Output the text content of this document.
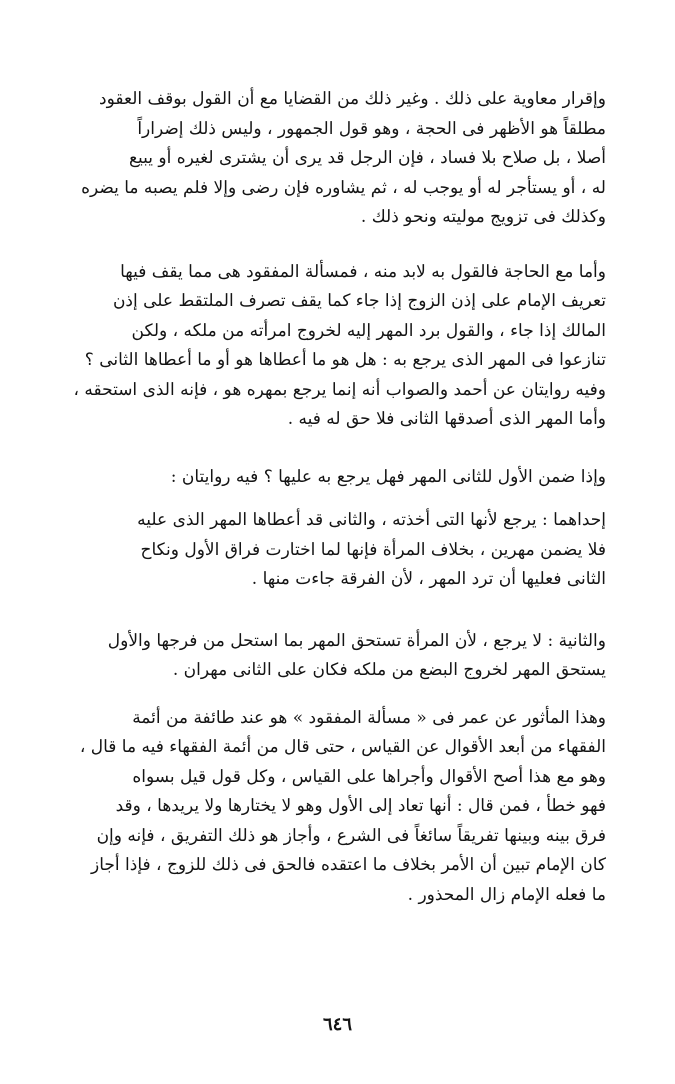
وإقرار معاوية على ذلك . وغير ذلك من القضايا مع أن القول بوقف العقود
مطلقاً هو الأظهر فى الحجة ، وهو قول الجمهور ، وليس ذلك إضراراً
أصلا ، بل صلاح بلا فساد ، فإن الرجل قد يرى أن يشترى لغيره أو يبيع
له ، أو يستأجر له أو يوجب له ، ثم يشاوره فإن رضى وإلا فلم يصبه ما يضره
وكذلك فى تزويج موليته ونحو ذلك .

وأما مع الحاجة فالقول به لابد منه ، فمسألة المفقود هى مما يقف فيها
تعريف الإمام على إذن الزوج إذا جاء كما يقف تصرف الملتقط على إذن
المالك إذا جاء ، والقول برد المهر إليه لخروج امرأته من ملكه ، ولكن
تنازعوا فى المهر الذى يرجع به : هل هو ما أعطاها هو أو ما أعطاها الثانى ؟
وفيه روايتان عن أحمد والصواب أنه إنما يرجع بمهره هو ، فإنه الذى استحقه ،
وأما المهر الذى أصدقها الثانى فلا حق له فيه .

وإذا ضمن الأول للثانى المهر فهل يرجع به عليها ؟ فيه روايتان :

إحداهما : يرجع لأنها التى أخذته ، والثانى قد أعطاها المهر الذى عليه
فلا يضمن مهرين ، بخلاف المرأة فإنها لما اختارت فراق الأول ونكاح
الثانى فعليها أن ترد المهر ، لأن الفرقة جاءت منها .

والثانية : لا يرجع ، لأن المرأة تستحق المهر بما استحل من فرجها والأول
يستحق المهر لخروج البضع من ملكه فكان على الثانى مهران .

وهذا المأثور عن عمر فى « مسألة المفقود » هو عند طائفة من أئمة
الفقهاء من أبعد الأقوال عن القياس ، حتى قال من أئمة الفقهاء فيه ما قال ،
وهو مع هذا أصح الأقوال وأجراها على القياس ، وكل قول قيل بسواه
فهو خطأ ، فمن قال : أنها تعاد إلى الأول وهو لا يختارها ولا يريدها ، وقد
فرق بينه وبينها تفريقاً سائغاً فى الشرع ، وأجاز هو ذلك التفريق ، فإنه وإن
كان الإمام تبين أن الأمر بخلاف ما اعتقده فالحق فى ذلك للزوج ، فإذا أجاز
ما فعله الإمام زال المحذور .

٦٤٦
